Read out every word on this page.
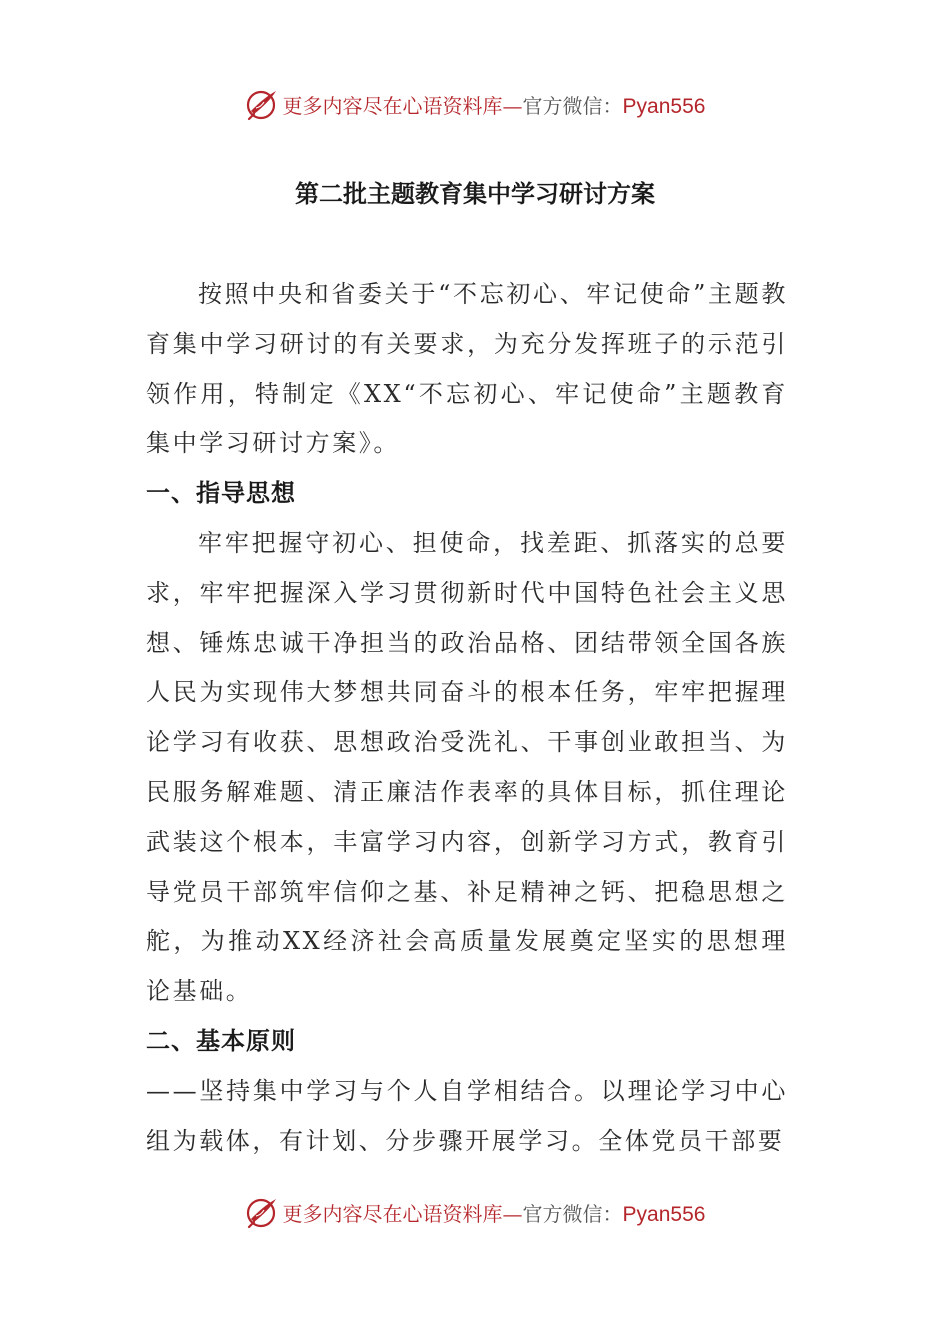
更多内容尽在心语资料库—官方微信：Pyan556
第二批主题教育集中学习研讨方案

按照中央和省委关于“不忘初心、牢记使命”主题教育集中学习研讨的有关要求，为充分发挥班子的示范引领作用，特制定《XX“不忘初心、牢记使命”主题教育集中学习研讨方案》。

一、指导思想

牢牢把握守初心、担使命，找差距、抓落实的总要求，牢牢把握深入学习贯彻新时代中国特色社会主义思想、锤炼忠诚干净担当的政治品格、团结带领全国各族人民为实现伟大梦想共同奋斗的根本任务，牢牢把握理论学习有收获、思想政治受洗礼、干事创业敢担当、为民服务解难题、清正廉洁作表率的具体目标，抓住理论武装这个根本，丰富学习内容，创新学习方式，教育引导党员干部筑牢信仰之基、补足精神之钙、把稳思想之舵，为推动XX经济社会高质量发展奠定坚实的思想理论基础。

二、基本原则

——坚持集中学习与个人自学相结合。以理论学习中心组为载体，有计划、分步骤开展学习。全体党员干部要

更多内容尽在心语资料库—官方微信：Pyan556
